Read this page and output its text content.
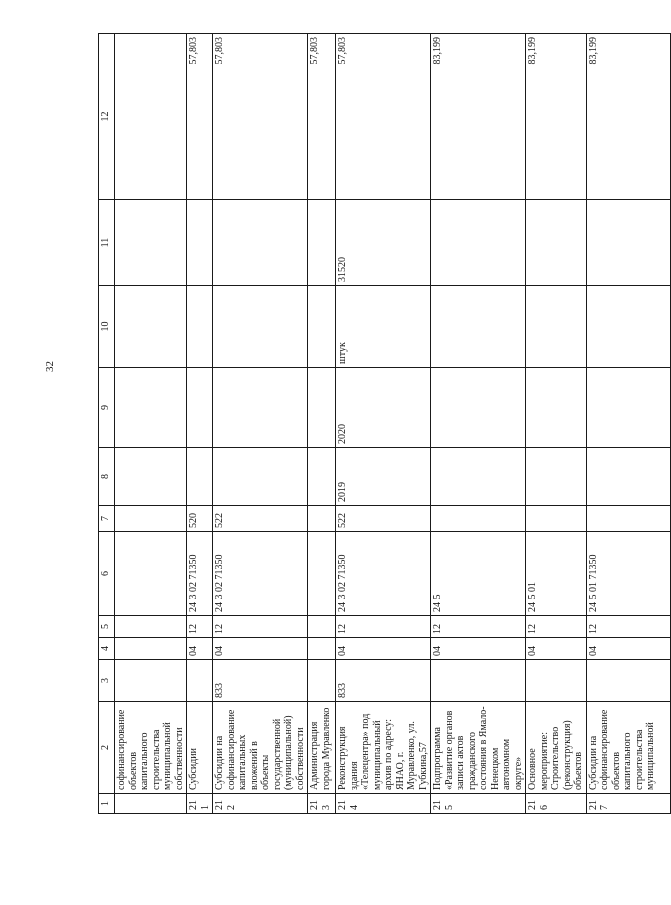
32
1	2	3	4	5	6	7	8	9	10	11	12
	софинансирование объектов капитального строительства муниципальной собственности										
211	Субсидии		04	12	24 3 02 71350	520					57,803
212	Субсидии на софинансирование капитальных вложений в объекты государственной (муниципальной) собственности	833	04	12	24 3 02 71350	522					57,803
213	Администрация города Муравленко										57,803
214	Реконструкция здания «Телецентра» под муниципальный архив по адресу: ЯНАО, г. Муравленко, ул. Губкина,57	833	04	12	24 3 02 71350	522	2019	2020	штук	31520	57,803
215	Подпрограмма «Развитие органов записи актов гражданского состояния в Ямало-Ненецком автономном округе»		04	12	24 5						83,199
216	Основное мероприятие: Строительство (реконструкция) объектов		04	12	24 5 01						83,199
217	Субсидии на софинансирование объектов капитального строительства муниципальной		04	12	24 5 01 71350						83,199
